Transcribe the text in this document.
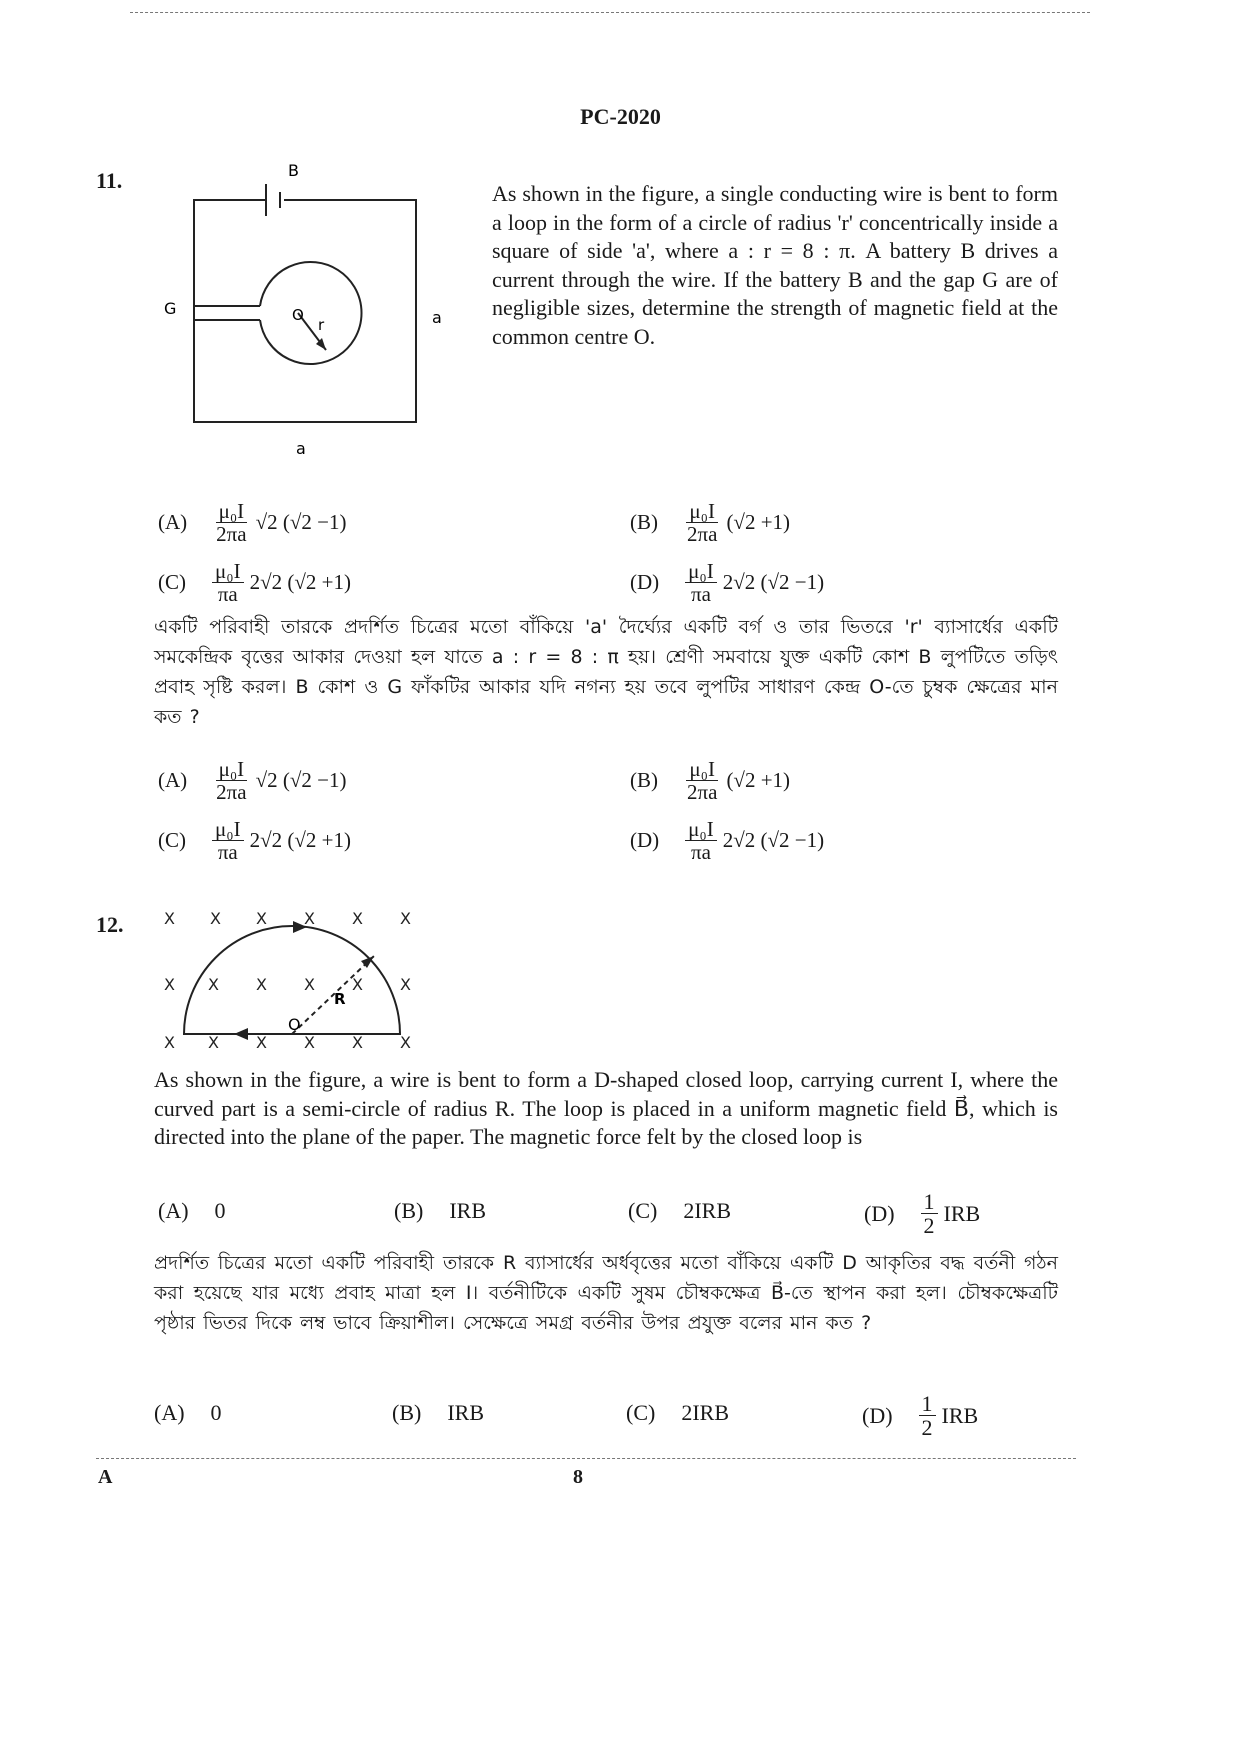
PC-2020
11.	B
G	O
r	a
a
As shown in the figure, a single conducting wire is bent to form a loop in the form of a circle of radius 'r' concentrically inside a square of side 'a', where a : r = 8 : π. A battery B drives a current through the wire. If the battery B and the gap G are of negligible sizes, determine the strength of magnetic field at the common centre O.
$(A) \frac{\text{μ₀I}}{2\pi a} √2$ (√2 −1)	$(B) \frac{\text{μ₀I}}{2\pi a} (√2 +1)$
$(C) \frac{\text{μ₀I}}{\pi a} 2√2$ (√2 +1)	$(D) \frac{\text{μ₀I}}{\pi a} 2√2$ (√2 −1)
একটি পরিবাহী তারকে প্রদর্শিত চিত্রের মতো বাঁকিয়ে 'a' দৈর্ঘ্যের একটি বর্গ ও তার ভিতরে 'r' ব্যাসার্ধের একটি সমকেন্দ্রিক বৃত্তের আকার দেওয়া হল যাতে a : r = 8 : π হয়। শ্রেণী সমবায়ে যুক্ত একটি কোশ B লুপটিতে তড়িৎ প্রবাহ সৃষ্টি করল। B কোশ ও G ফাঁকটির আকার যদি নগন্য হয় তবে লুপটির সাধারণ কেন্দ্র O-তে চুম্বক ক্ষেত্রের মান কত ?
$(A) \frac{\text{μ₀I}}{2\pi a} √2$ (√2 −1)	$(B) \frac{\text{μ₀I}}{2\pi a} (√2 +1)$
$(C) \frac{\text{μ₀I}}{\pi a} 2√2$ (√2 +1)	$(D) \frac{\text{μ₀I}}{\pi a} 2√2$ (√2 −1)
12.	X X X X X X
X X X X X X
X X X X X X
O
R
As shown in the figure, a wire is bent to form a D-shaped closed loop, carrying current I, where the curved part is a semi-circle of radius R. The loop is placed in a uniform magnetic field B⃗, which is directed into the plane of the paper. The magnetic force felt by the closed loop is
(A) 0	(B) IRB	(C) 2IRB	$(D) \frac{1}{2}$ IRB
প্রদর্শিত চিত্রের মতো একটি পরিবাহী তারকে R ব্যাসার্ধের অর্ধবৃত্তের মতো বাঁকিয়ে একটি D আকৃতির বদ্ধ বর্তনী গঠন করা হয়েছে যার মধ্যে প্রবাহ মাত্রা হল I। বর্তনীটিকে একটি সুষম চৌম্বকক্ষেত্র B⃗-তে স্থাপন করা হল। চৌম্বকক্ষেত্রটি পৃষ্ঠার ভিতর দিকে লম্ব ভাবে ক্রিয়াশীল। সেক্ষেত্রে সমগ্র বর্তনীর উপর প্রযুক্ত বলের মান কত ?
(A) 0	(B) IRB	(C) 2IRB	$(D) \frac{1}{2}$ IRB
A	8
